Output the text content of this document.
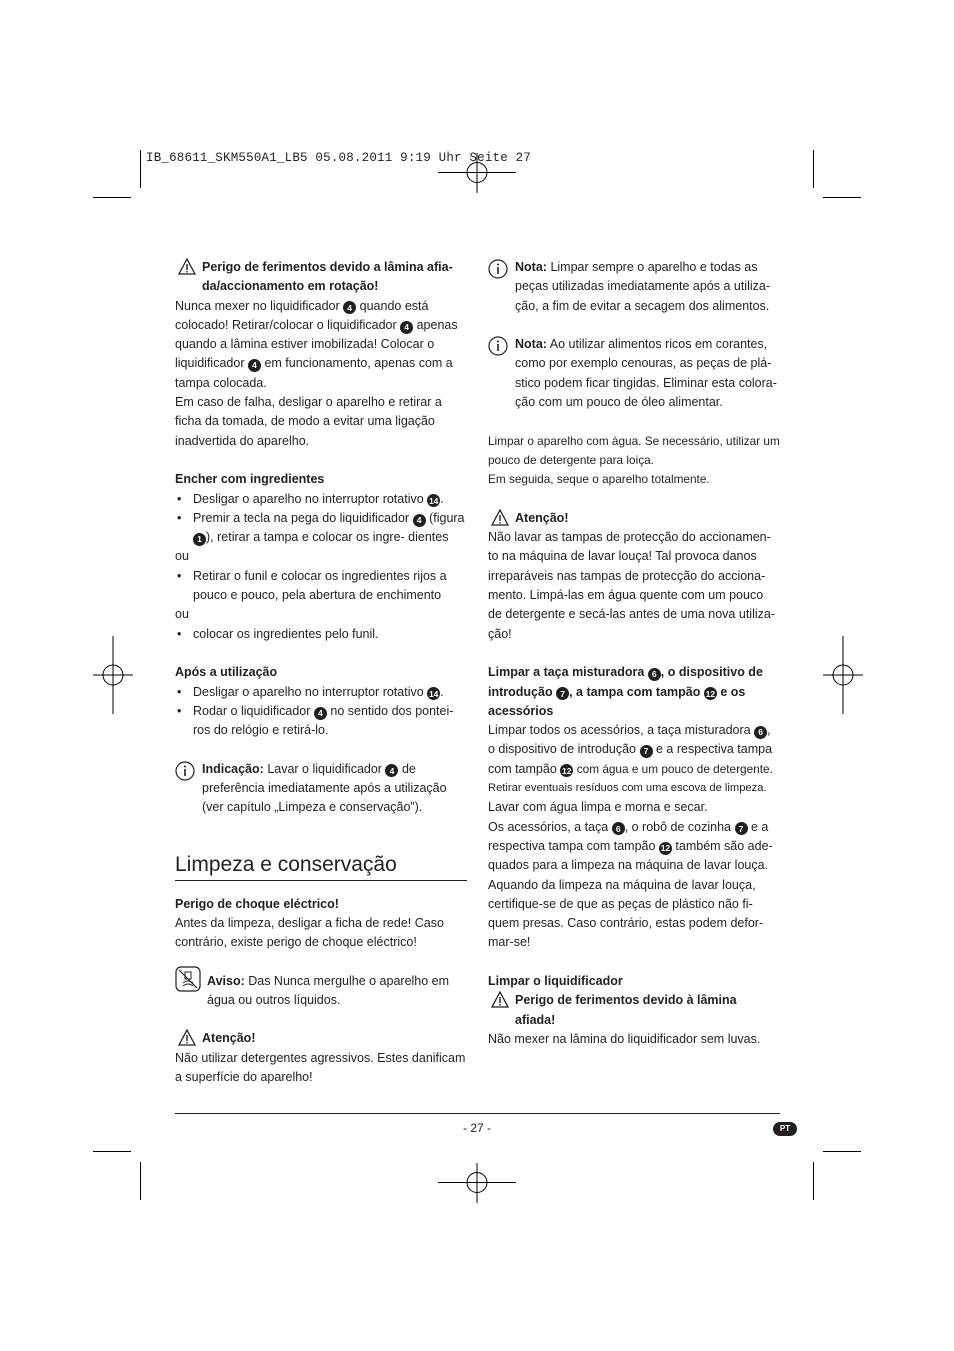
IB_68611_SKM550A1_LB5 05.08.2011 9:19 Uhr Seite 27
Perigo de ferimentos devido a lâmina afia- da/accionamento em rotação!

Nunca mexer no liquidificador 4 quando está colocado! Retirar/colocar o liquidificador 4 apenas quando a lâmina estiver imobilizada! Colocar o liquidificador 4 em funcionamento, apenas com a tampa colocada.

Em caso de falha, desligar o aparelho e retirar a ficha da tomada, de modo a evitar uma ligação inadvertida do aparelho.

Encher com ingredientes

• Desligar o aparelho no interruptor rotativo 14 .
• Premir a tecla na pega do liquidificador 4 (figura 1 ), retirar a tampa e colocar os ingre- dientes

ou

• Retirar o funil e colocar os ingredientes rijos a pouco e pouco, pela abertura de enchimento

ou

• colocar os ingredientes pelo funil.

Após a utilização

• Desligar o aparelho no interruptor rotativo 14 .
• Rodar o liquidificador 4 no sentido dos pontei- ros do relógio e retirá-lo.
Indicação: Lavar o liquidificador 4 de preferência imediatamente após a utilização (ver capítulo „Limpeza e conservação”).
Limpeza e conservação

Perigo de choque eléctrico!

Antes da limpeza, desligar a ficha de rede! Caso contrário, existe perigo de choque eléctrico!

Aviso: Das Nunca mergulhe o aparelho em água ou outros líquidos.
Atenção!

Não utilizar detergentes agressivos. Estes danificam a superfície do aparelho!

Nota: Limpar sempre o aparelho e todas as peças utilizadas imediatamente após a utiliza- ção, a fim de evitar a secagem dos alimentos.
Nota: Ao utilizar alimentos ricos em corantes, como por exemplo cenouras, as peças de plá- stico podem ficar tingidas. Eliminar esta colora- ção com um pouco de óleo alimentar.

Limpar o aparelho com água. Se necessário, utilizar um pouco de detergente para loiça.

Em seguida, seque o aparelho totalmente.

Atenção!

Não lavar as tampas de protecção do accionamen- to na máquina de lavar louça! Tal provoca danos irreparáveis nas tampas de protecção do acciona- mento. Limpá-las em água quente com um pouco de detergente e secá-las antes de uma nova utiliza- ção!

Limpar a taça misturadora 6 , o dispositivo de introdução 7 , a tampa com tampão 12 e os acessórios

Limpar todos os acessórios, a taça misturadora 6 , o dispositivo de introdução 7 e a respectiva tampa com tampão 12 com água e um pouco de detergente.

Retirar eventuais resíduos com uma escova de limpeza.

Lavar com água limpa e morna e secar.

Os acessórios, a taça 6 , o robô de cozinha 7 e a respectiva tampa com tampão 12 também são ade- quados para a limpeza na máquina de lavar louça. Aquando da limpeza na máquina de lavar louça, certifique-se de que as peças de plástico não fi- quem presas. Caso contrário, estas podem defor- mar-se!

Limpar o liquidificador

Perigo de ferimentos devido à lâmina afiada!

Não mexer na lâmina do liquidificador sem luvas.

- 27 -	PT
